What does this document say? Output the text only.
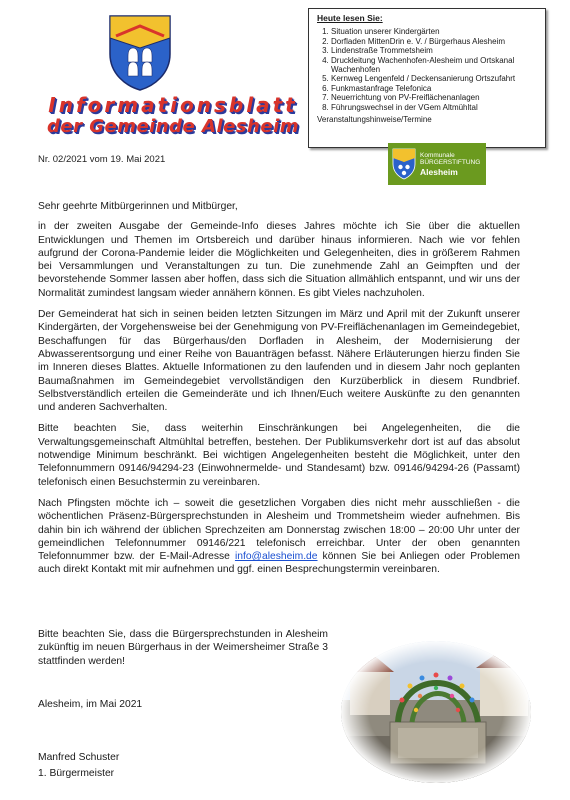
Informationsblatt
der Gemeinde Alesheim
Nr. 02/2021 vom 19. Mai 2021
Heute lesen Sie:
1. Situation unserer Kindergärten
2. Dorfladen MittenDrin e. V. / Bürgerhaus Alesheim
3. Lindenstraße Trommetsheim
4. Druckleitung Wachenhofen-Alesheim und Ortskanal Wachenhofen
5. Kernweg Lengenfeld / Deckensanierung Ortszufahrt
6. Funkmastanfrage Telefonica
7. Neuerrichtung von PV-Freiflächenanlagen
8. Führungswechsel in der VGem Altmühltal
Veranstaltungshinweise/Termine
Kommunale
BÜRGERSTIFTUNG
Alesheim

Sehr geehrte Mitbürgerinnen und Mitbürger,

in der zweiten Ausgabe der Gemeinde-Info dieses Jahres möchte ich Sie über die aktuellen Entwicklungen und Themen im Ortsbereich und darüber hinaus informieren. Nach wie vor fehlen aufgrund der Corona-Pandemie leider die Möglichkeiten und Gelegenheiten, dies in größerem Rahmen bei Versammlungen und Veranstaltungen zu tun. Die zunehmende Zahl an Geimpften und der bevorstehende Sommer lassen aber hoffen, dass sich die Situation allmählich entspannt, und wir uns der Normalität zumindest langsam wieder annähern können. Es gibt Vieles nachzuholen.

Der Gemeinderat hat sich in seinen beiden letzten Sitzungen im März und April mit der Zukunft unserer Kindergärten, der Vorgehensweise bei der Genehmigung von PV-Freiflächenanlagen im Gemeindegebiet, Beschaffungen für das Bürgerhaus/den Dorfladen in Alesheim, der Modernisierung der Abwasserentsorgung und einer Reihe von Bauanträgen befasst. Nähere Erläuterungen hierzu finden Sie im Inneren dieses Blattes. Aktuelle Informationen zu den laufenden und in diesem Jahr noch geplanten Baumaßnahmen im Gemeindegebiet vervollständigen den Kurzüberblick in diesem Rundbrief. Selbstverständlich erteilen die Gemeinderäte und ich Ihnen/Euch weitere Auskünfte zu den genannten und anderen Sachverhalten.

Bitte beachten Sie, dass weiterhin Einschränkungen bei Angelegenheiten, die die Verwaltungsgemeinschaft Altmühltal betreffen, bestehen. Der Publikumsverkehr dort ist auf das absolut notwendige Minimum beschränkt. Bei wichtigen Angelegenheiten besteht die Möglichkeit, unter den Telefonnummern 09146/94294-23 (Einwohnermelde- und Standesamt) bzw. 09146/94294-26 (Passamt) telefonisch einen Besuchstermin zu vereinbaren.

Nach Pfingsten möchte ich – soweit die gesetzlichen Vorgaben dies nicht mehr ausschließen - die wöchentlichen Präsenz-Bürgersprechstunden in Alesheim und Trommetsheim wieder aufnehmen. Bis dahin bin ich während der üblichen Sprechzeiten am Donnerstag zwischen 18:00 – 20:00 Uhr unter der gemeindlichen Telefonnummer 09146/221 telefonisch erreichbar. Unter der oben genannten Telefonnummer bzw. der E-Mail-Adresse info@alesheim.de können Sie bei Anliegen oder Problemen auch direkt Kontakt mit mir aufnehmen und ggf. einen Besprechungstermin vereinbaren.

Bitte beachten Sie, dass die Bürgersprechstunden in Alesheim zukünftig im neuen Bürgerhaus in der Weimersheimer Straße 3 stattfinden werden!

Alesheim, im Mai 2021
Manfred Schuster
1. Bürgermeister
